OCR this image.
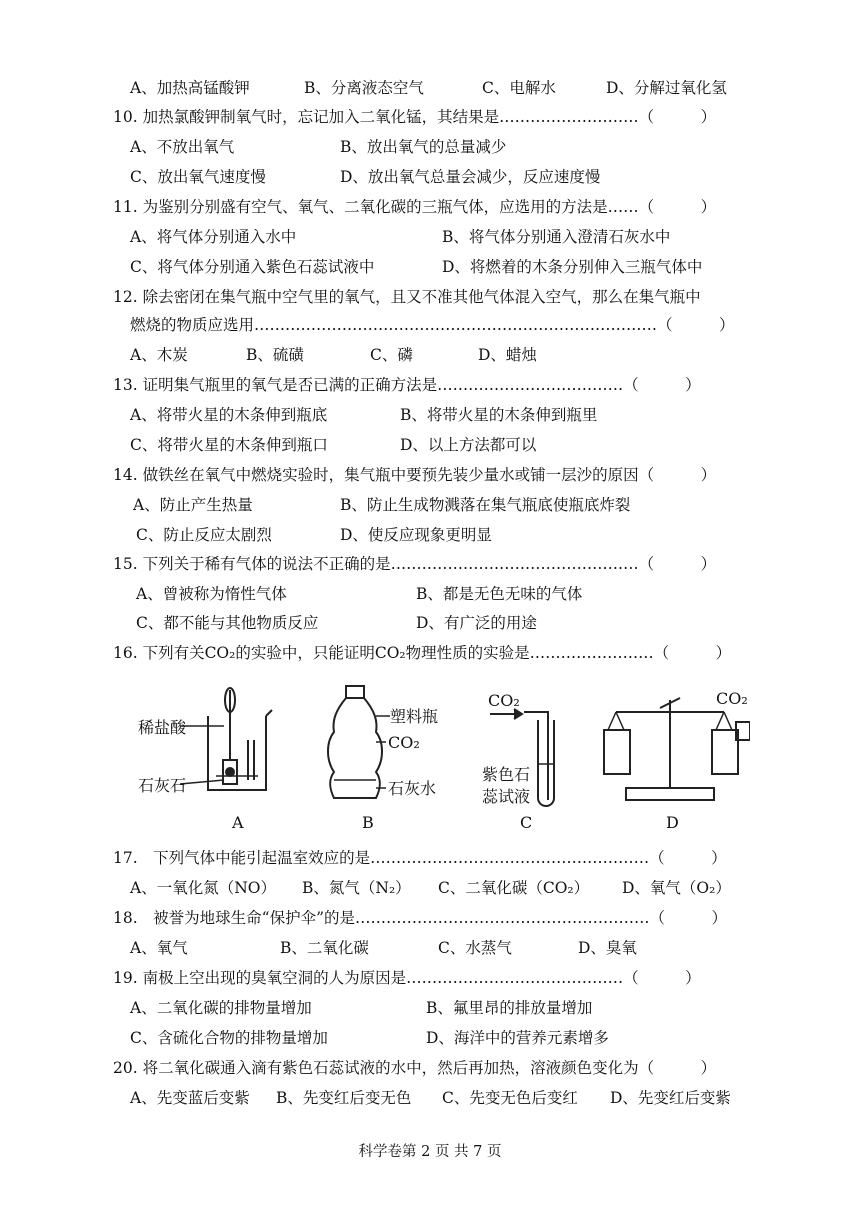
A、加热高锰酸钾	B、分离液态空气	C、电解水	D、分解过氧化氢
10. 加热氯酸钾制氧气时，忘记加入二氧化锰，其结果是………………………（　　　）
A、不放出氧气	B、放出氧气的总量减少
C、放出氧气速度慢	D、放出氧气总量会减少，反应速度慢
11. 为鉴别分别盛有空气、氧气、二氧化碳的三瓶气体，应选用的方法是……（　　　）
A、将气体分别通入水中	B、将气体分别通入澄清石灰水中
C、将气体分别通入紫色石蕊试液中	D、将燃着的木条分别伸入三瓶气体中
12. 除去密闭在集气瓶中空气里的氧气，且又不准其他气体混入空气，那么在集气瓶中
燃烧的物质应选用……………………………………………………………………（　　　）
A、木炭	B、硫磺	C、磷	D、蜡烛
13. 证明集气瓶里的氧气是否已满的正确方法是………………………………（　　　）
A、将带火星的木条伸到瓶底	B、将带火星的木条伸到瓶里
C、将带火星的木条伸到瓶口	D、以上方法都可以
14. 做铁丝在氧气中燃烧实验时，集气瓶中要预先装少量水或铺一层沙的原因（　　　）
A、防止产生热量	B、防止生成物溅落在集气瓶底使瓶底炸裂
C、防止反应太剧烈	D、使反应现象更明显
15. 下列关于稀有气体的说法不正确的是…………………………………………（　　　）
A、曾被称为惰性气体	B、都是无色无味的气体
C、都不能与其他物质反应	D、有广泛的用途
16. 下列有关CO₂的实验中，只能证明CO₂物理性质的实验是……………………（　　　）
稀盐酸
石灰石
A
塑料瓶
CO₂
石灰水
B
CO₂
紫色石
蕊试液
C
CO₂
D
17.　下列气体中能引起温室效应的是………………………………………………（　　　）
A、一氧化氮（NO） B、氮气（N₂） C、二氧化碳（CO₂） D、氧气（O₂）
18.　被誉为地球生命“保护伞”的是…………………………………………………（　　　）
A、氧气	B、二氧化碳	C、水蒸气	D、臭氧
19. 南极上空出现的臭氧空洞的人为原因是……………………………………（　　　）
A、二氧化碳的排物量增加	B、氟里昂的排放量增加
C、含硫化合物的排物量增加	D、海洋中的营养元素增多
20. 将二氧化碳通入滴有紫色石蕊试液的水中，然后再加热，溶液颜色变化为（　　　）
A、先变蓝后变紫 B、先变红后变无色 C、先变无色后变红 D、先变红后变紫
科学卷第 2 页 共 7 页
